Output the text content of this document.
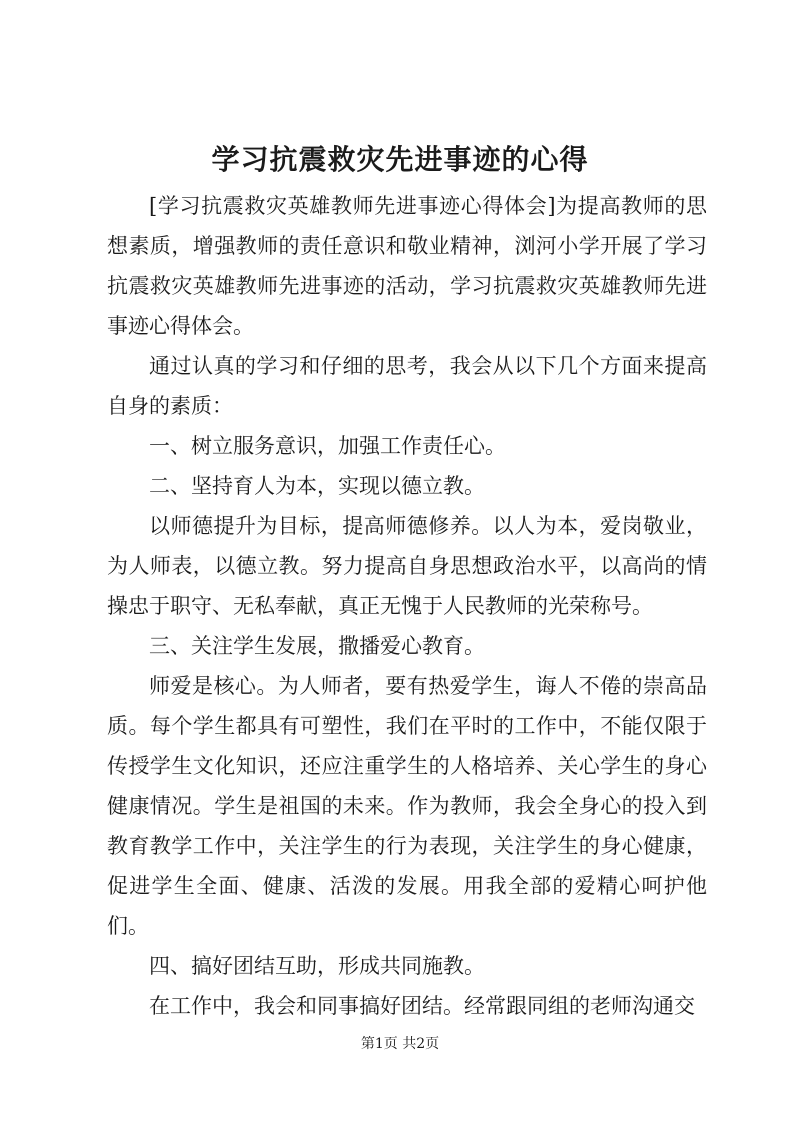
学习抗震救灾先进事迹的心得

[学习抗震救灾英雄教师先进事迹心得体会]为提高教师的思想素质，增强教师的责任意识和敬业精神，浏河小学开展了学习抗震救灾英雄教师先进事迹的活动，学习抗震救灾英雄教师先进事迹心得体会。

通过认真的学习和仔细的思考，我会从以下几个方面来提高自身的素质：

一、树立服务意识，加强工作责任心。

二、坚持育人为本，实现以德立教。

以师德提升为目标，提高师德修养。以人为本，爱岗敬业，为人师表，以德立教。努力提高自身思想政治水平，以高尚的情操忠于职守、无私奉献，真正无愧于人民教师的光荣称号。

三、关注学生发展，撒播爱心教育。

师爱是核心。为人师者，要有热爱学生，诲人不倦的崇高品质。每个学生都具有可塑性，我们在平时的工作中，不能仅限于传授学生文化知识，还应注重学生的人格培养、关心学生的身心健康情况。学生是祖国的未来。作为教师，我会全身心的投入到教育教学工作中，关注学生的行为表现，关注学生的身心健康，促进学生全面、健康、活泼的发展。用我全部的爱精心呵护他们。

四、搞好团结互助，形成共同施教。

在工作中，我会和同事搞好团结。经常跟同组的老师沟通交

第1页 共2页
